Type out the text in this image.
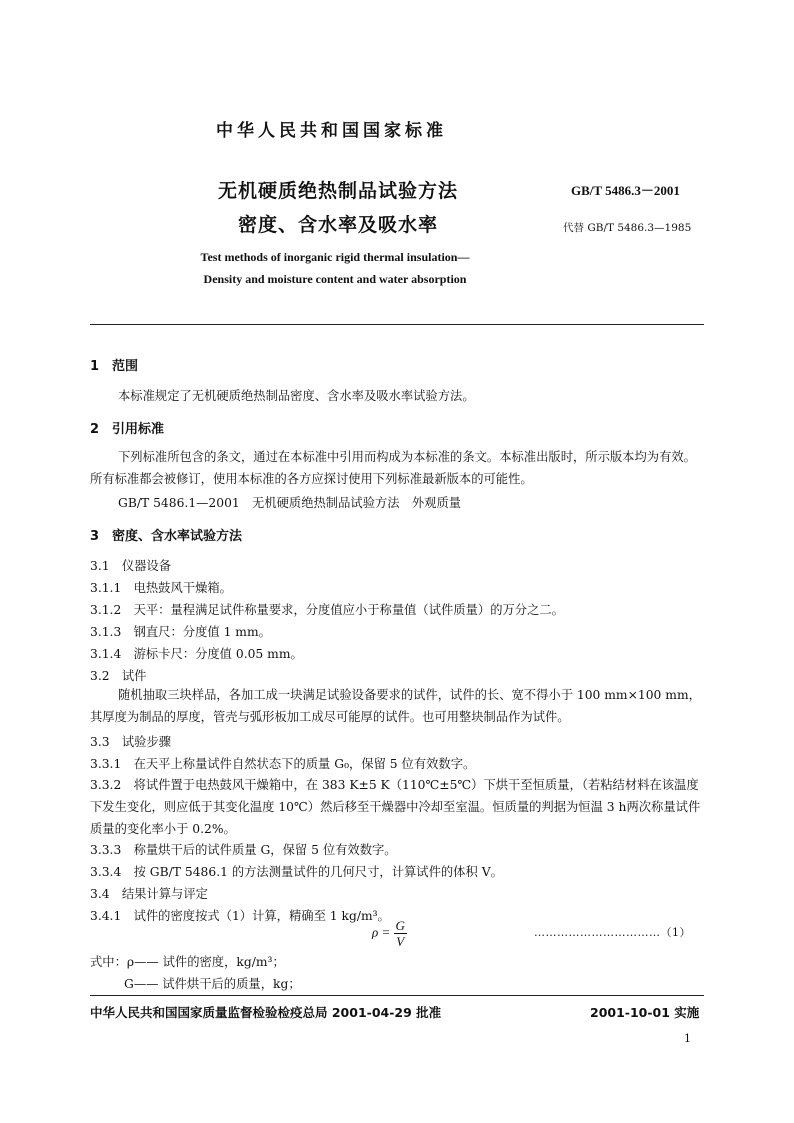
中华人民共和国国家标准
无机硬质绝热制品试验方法
密度、含水率及吸水率
GB/T 5486.3－2001
代替 GB/T 5486.3—1985
Test methods of inorganic rigid thermal insulation—
Density and moisture content and water absorption
1　范围
本标准规定了无机硬质绝热制品密度、含水率及吸水率试验方法。
2　引用标准
下列标准所包含的条文，通过在本标准中引用而构成为本标准的条文。本标准出版时，所示版本均为有效。所有标准都会被修订，使用本标准的各方应探讨使用下列标准最新版本的可能性。
GB/T 5486.1—2001　无机硬质绝热制品试验方法　外观质量
3　密度、含水率试验方法
3.1　仪器设备
3.1.1　电热鼓风干燥箱。
3.1.2　天平：量程满足试件称量要求，分度值应小于称量值（试件质量）的万分之二。
3.1.3　钢直尺：分度值 1 mm。
3.1.4　游标卡尺：分度值 0.05 mm。
3.2　试件
随机抽取三块样品，各加工成一块满足试验设备要求的试件，试件的长、宽不得小于 100 mm×100 mm，其厚度为制品的厚度，管壳与弧形板加工成尽可能厚的试件。也可用整块制品作为试件。
3.3　试验步骤
3.3.1　在天平上称量试件自然状态下的质量 G₀，保留 5 位有效数字。
3.3.2　将试件置于电热鼓风干燥箱中，在 383 K±5 K（110℃±5℃）下烘干至恒质量，（若粘结材料在该温度下发生变化，则应低于其变化温度 10℃）然后移至干燥器中冷却至室温。恒质量的判据为恒温 3 h两次称量试件质量的变化率小于 0.2%。
3.3.3　称量烘干后的试件质量 G，保留 5 位有效数字。
3.3.4　按 GB/T 5486.1 的方法测量试件的几何尺寸，计算试件的体积 V。
3.4　结果计算与评定
3.4.1　试件的密度按式（1）计算，精确至 1 kg/m³。
$\rho = \frac{G}{V}$	……………………………（1）
式中：ρ—— 试件的密度，kg/m³；
G—— 试件烘干后的质量，kg；
中华人民共和国国家质量监督检验检疫总局 2001-04-29 批准	2001-10-01 实施
1
